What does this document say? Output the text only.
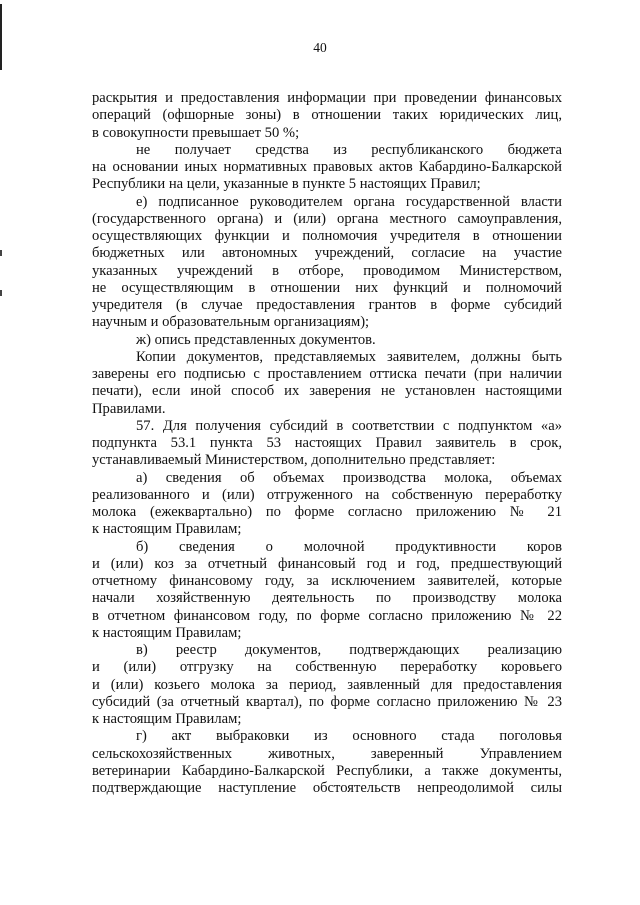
40
раскрытия и предоставления информации при проведении финансовых
операций (офшорные зоны) в отношении таких юридических лиц,
в совокупности превышает 50 %;
не получает средства из республиканского бюджета
на основании иных нормативных правовых актов Кабардино-Балкарской
Республики на цели, указанные в пункте 5 настоящих Правил;
е) подписанное руководителем органа государственной власти
(государственного органа) и (или) органа местного самоуправления,
осуществляющих функции и полномочия учредителя в отношении
бюджетных или автономных учреждений, согласие на участие
указанных учреждений в отборе, проводимом Министерством,
не осуществляющим в отношении них функций и полномочий
учредителя (в случае предоставления грантов в форме субсидий
научным и образовательным организациям);
ж) опись представленных документов.
Копии документов, представляемых заявителем, должны быть
заверены его подписью с проставлением оттиска печати (при наличии
печати), если иной способ их заверения не установлен настоящими
Правилами.
57. Для получения субсидий в соответствии с подпунктом «а»
подпункта 53.1 пункта 53 настоящих Правил заявитель в срок,
устанавливаемый Министерством, дополнительно представляет:
а) сведения об объемах производства молока, объемах
реализованного и (или) отгруженного на собственную переработку
молока (ежеквартально) по форме согласно приложению № 21
к настоящим Правилам;
б) сведения о молочной продуктивности коров
и (или) коз за отчетный финансовый год и год, предшествующий
отчетному финансовому году, за исключением заявителей, которые
начали хозяйственную деятельность по производству молока
в отчетном финансовом году, по форме согласно приложению № 22
к настоящим Правилам;
в) реестр документов, подтверждающих реализацию
и (или) отгрузку на собственную переработку коровьего
и (или) козьего молока за период, заявленный для предоставления
субсидий (за отчетный квартал), по форме согласно приложению № 23
к настоящим Правилам;
г) акт выбраковки из основного стада поголовья
сельскохозяйственных животных, заверенный Управлением
ветеринарии Кабардино-Балкарской Республики, а также документы,
подтверждающие наступление обстоятельств непреодолимой силы
